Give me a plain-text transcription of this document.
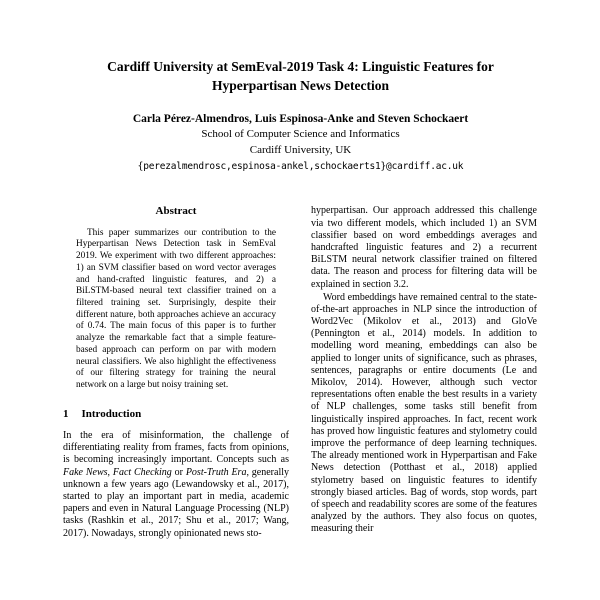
Cardiff University at SemEval-2019 Task 4: Linguistic Features for
Hyperpartisan News Detection
Carla Pérez-Almendros, Luis Espinosa-Anke and Steven Schockaert
School of Computer Science and Informatics
Cardiff University, UK
{perezalmendrosc,espinosa-ankel,schockaerts1}@cardiff.ac.uk
Abstract

This paper summarizes our contribution to the Hyperpartisan News Detection task in SemEval 2019. We experiment with two different approaches: 1) an SVM classifier based on word vector averages and hand-crafted linguistic features, and 2) a BiLSTM-based neural text classifier trained on a filtered training set. Surprisingly, despite their different nature, both approaches achieve an accuracy of 0.74. The main focus of this paper is to further analyze the remarkable fact that a simple feature-based approach can perform on par with modern neural classifiers. We also highlight the effectiveness of our filtering strategy for training the neural network on a large but noisy training set.

1 Introduction

In the era of misinformation, the challenge of differentiating reality from frames, facts from opinions, is becoming increasingly important. Concepts such as Fake News, Fact Checking or Post-Truth Era, generally unknown a few years ago (Lewandowsky et al., 2017), started to play an important part in media, academic papers and even in Natural Language Processing (NLP) tasks (Rashkin et al., 2017; Shu et al., 2017; Wang, 2017). Nowadays, strongly opinionated news sto-

hyperpartisan. Our approach addressed this challenge via two different models, which included 1) an SVM classifier based on word embeddings averages and handcrafted linguistic features and 2) a recurrent BiLSTM neural network classifier trained on filtered data. The reason and process for filtering data will be explained in section 3.2.

Word embeddings have remained central to the state-of-the-art approaches in NLP since the introduction of Word2Vec (Mikolov et al., 2013) and GloVe (Pennington et al., 2014) models. In addition to modelling word meaning, embeddings can also be applied to longer units of significance, such as phrases, sentences, paragraphs or entire documents (Le and Mikolov, 2014). However, although such vector representations often enable the best results in a variety of NLP challenges, some tasks still benefit from linguistically inspired approaches. In fact, recent work has proved how linguistic features and stylometry could improve the performance of deep learning techniques. The already mentioned work in Hyperpartisan and Fake News detection (Potthast et al., 2018) applied stylometry based on linguistic features to identify strongly biased articles. Bag of words, stop words, part of speech and readability scores are some of the features analyzed by the authors. They also focus on quotes, measuring their
